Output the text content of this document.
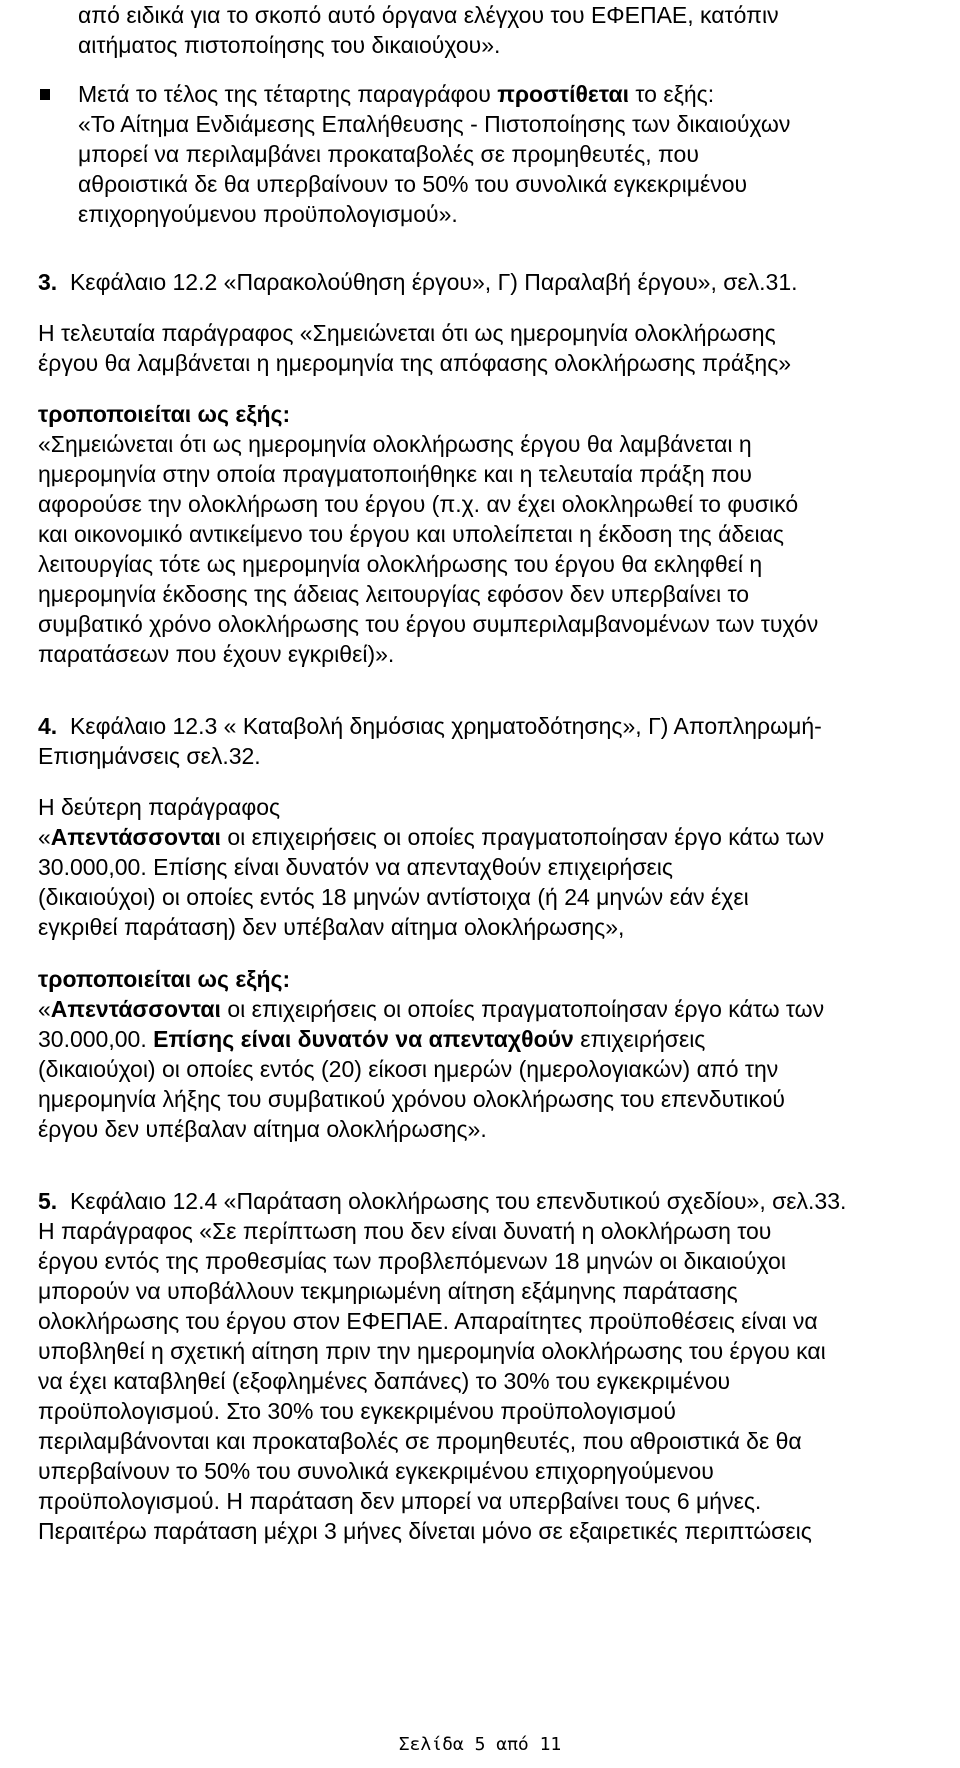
από ειδικά για το σκοπό αυτό όργανα ελέγχου του ΕΦΕΠΑΕ, κατόπιν
αιτήματος πιστοποίησης του δικαιούχου».
Μετά το τέλος της τέταρτης παραγράφου προστίθεται το εξής:
«Το Αίτημα Ενδιάμεσης Επαλήθευσης - Πιστοποίησης των δικαιούχων
μπορεί να περιλαμβάνει προκαταβολές σε προμηθευτές, που
αθροιστικά δε θα υπερβαίνουν το 50% του συνολικά εγκεκριμένου
επιχορηγούμενου προϋπολογισμού».
3. Κεφάλαιο 12.2 «Παρακολούθηση έργου», Γ) Παραλαβή έργου», σελ.31.
Η τελευταία παράγραφος «Σημειώνεται ότι ως ημερομηνία ολοκλήρωσης
έργου θα λαμβάνεται η ημερομηνία της απόφασης ολοκλήρωσης πράξης»
τροποποιείται ως εξής:
«Σημειώνεται ότι ως ημερομηνία ολοκλήρωσης έργου θα λαμβάνεται η
ημερομηνία στην οποία πραγματοποιήθηκε και η τελευταία πράξη που
αφορούσε την ολοκλήρωση του έργου (π.χ. αν έχει ολοκληρωθεί το φυσικό
και οικονομικό αντικείμενο του έργου και υπολείπεται η έκδοση της άδειας
λειτουργίας τότε ως ημερομηνία ολοκλήρωσης του έργου θα εκληφθεί η
ημερομηνία έκδοσης της άδειας λειτουργίας εφόσον δεν υπερβαίνει το
συμβατικό χρόνο ολοκλήρωσης του έργου συμπεριλαμβανομένων των τυχόν
παρατάσεων που έχουν εγκριθεί)».
4. Κεφάλαιο 12.3 « Καταβολή δημόσιας χρηματοδότησης», Γ) Αποπληρωμή-
Επισημάνσεις σελ.32.
Η δεύτερη παράγραφος
«Απεντάσσονται οι επιχειρήσεις οι οποίες πραγματοποίησαν έργο κάτω των
30.000,00. Επίσης είναι δυνατόν να απενταχθούν επιχειρήσεις
(δικαιούχοι) οι οποίες εντός 18 μηνών αντίστοιχα (ή 24 μηνών εάν έχει
εγκριθεί παράταση) δεν υπέβαλαν αίτημα ολοκλήρωσης»,
τροποποιείται ως εξής:
«Απεντάσσονται οι επιχειρήσεις οι οποίες πραγματοποίησαν έργο κάτω των
30.000,00. Επίσης είναι δυνατόν να απενταχθούν επιχειρήσεις
(δικαιούχοι) οι οποίες εντός (20) είκοσι ημερών (ημερολογιακών) από την
ημερομηνία λήξης του συμβατικού χρόνου ολοκλήρωσης του επενδυτικού
έργου δεν υπέβαλαν αίτημα ολοκλήρωσης».
5. Κεφάλαιο 12.4 «Παράταση ολοκλήρωσης του επενδυτικού σχεδίου», σελ.33.
Η παράγραφος «Σε περίπτωση που δεν είναι δυνατή η ολοκλήρωση του
έργου εντός της προθεσμίας των προβλεπόμενων 18 μηνών οι δικαιούχοι
μπορούν να υποβάλλουν τεκμηριωμένη αίτηση εξάμηνης παράτασης
ολοκλήρωσης του έργου στον ΕΦΕΠΑΕ. Απαραίτητες προϋποθέσεις είναι να
υποβληθεί η σχετική αίτηση πριν την ημερομηνία ολοκλήρωσης του έργου και
να έχει καταβληθεί (εξοφλημένες δαπάνες) το 30% του εγκεκριμένου
προϋπολογισμού. Στο 30% του εγκεκριμένου προϋπολογισμού
περιλαμβάνονται και προκαταβολές σε προμηθευτές, που αθροιστικά δε θα
υπερβαίνουν το 50% του συνολικά εγκεκριμένου επιχορηγούμενου
προϋπολογισμού. Η παράταση δεν μπορεί να υπερβαίνει τους 6 μήνες.
Περαιτέρω παράταση μέχρι 3 μήνες δίνεται μόνο σε εξαιρετικές περιπτώσεις
Σελίδα 5 από 11
